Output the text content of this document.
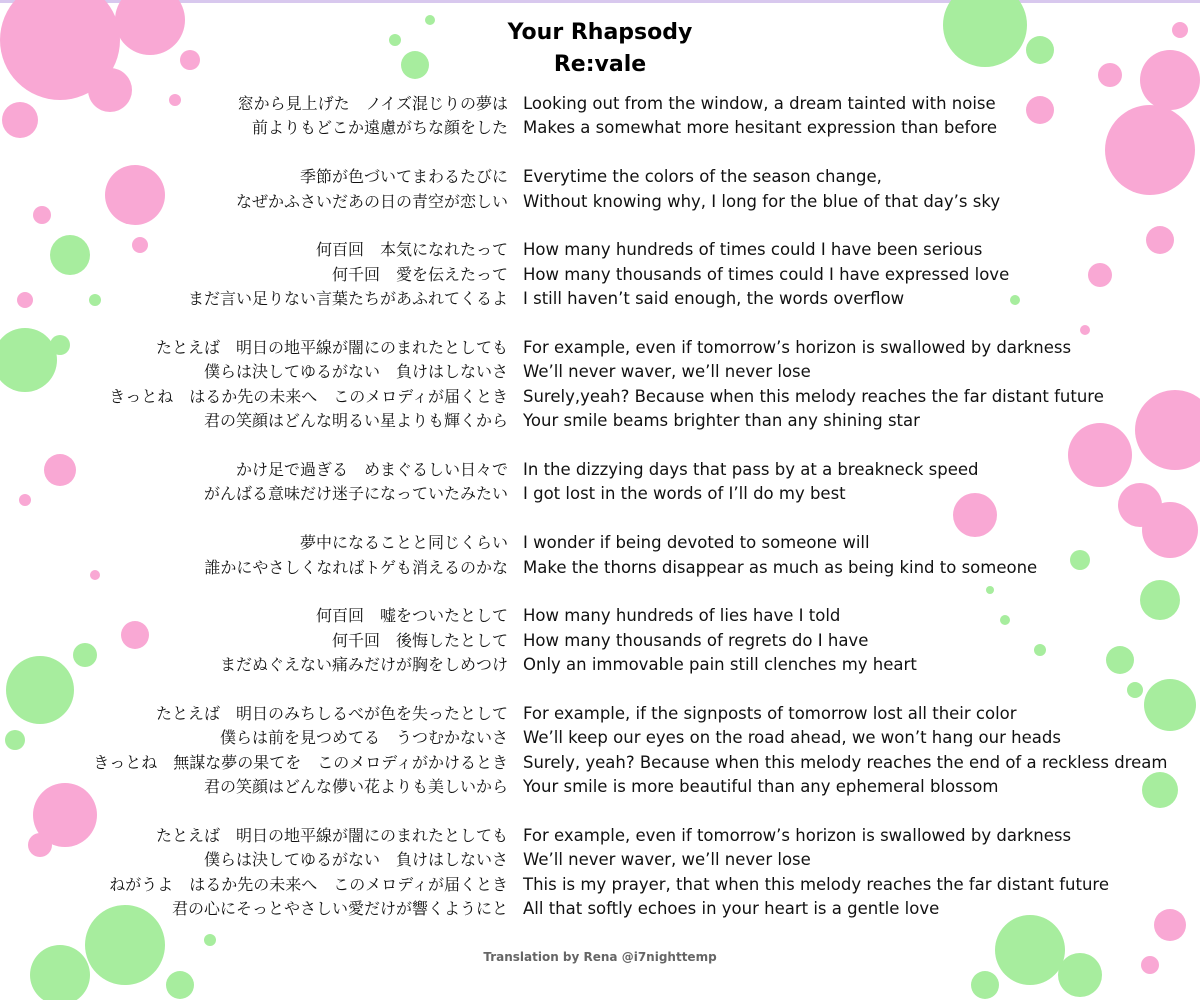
Your Rhapsody
Re:vale
窓から見上げた　ノイズ混じりの夢は Looking out from the window, a dream tainted with noise
前よりもどこか遠慮がちな顔をした Makes a somewhat more hesitant expression than before
季節が色づいてまわるたびに Everytime the colors of the season change,
なぜかふさいだあの日の青空が恋しい Without knowing why, I long for the blue of that day’s sky
何百回　本気になれたって How many hundreds of times could I have been serious
何千回　愛を伝えたって How many thousands of times could I have expressed love
まだ言い足りない言葉たちがあふれてくるよ I still haven’t said enough, the words overflow
たとえば　明日の地平線が闇にのまれたとしても For example, even if tomorrow’s horizon is swallowed by darkness
僕らは決してゆるがない　負けはしないさ We’ll never waver, we’ll never lose
きっとね　はるか先の未来へ　このメロディが届くとき Surely,yeah? Because when this melody reaches the far distant future
君の笑顔はどんな明るい星よりも輝くから Your smile beams brighter than any shining star
かけ足で過ぎる　めまぐるしい日々で In the dizzying days that pass by at a breakneck speed
がんばる意味だけ迷子になっていたみたい I got lost in the words of I’ll do my best
夢中になることと同じくらい I wonder if being devoted to someone will
誰かにやさしくなればトゲも消えるのかな Make the thorns disappear as much as being kind to someone
何百回　嘘をついたとして How many hundreds of lies have I told
何千回　後悔したとして How many thousands of regrets do I have
まだぬぐえない痛みだけが胸をしめつけ Only an immovable pain still clenches my heart
たとえば　明日のみちしるべが色を失ったとして For example, if the signposts of tomorrow lost all their color
僕らは前を見つめてる　うつむかないさ We’ll keep our eyes on the road ahead, we won’t hang our heads
きっとね　無謀な夢の果てを　このメロディがかけるとき Surely, yeah? Because when this melody reaches the end of a reckless dream
君の笑顔はどんな儚い花よりも美しいから Your smile is more beautiful than any ephemeral blossom
たとえば　明日の地平線が闇にのまれたとしても For example, even if tomorrow’s horizon is swallowed by darkness
僕らは決してゆるがない　負けはしないさ We’ll never waver, we’ll never lose
ねがうよ　はるか先の未来へ　このメロディが届くとき This is my prayer, that when this melody reaches the far distant future
君の心にそっとやさしい愛だけが響くようにと All that softly echoes in your heart is a gentle love
Translation by Rena @i7nighttemp
